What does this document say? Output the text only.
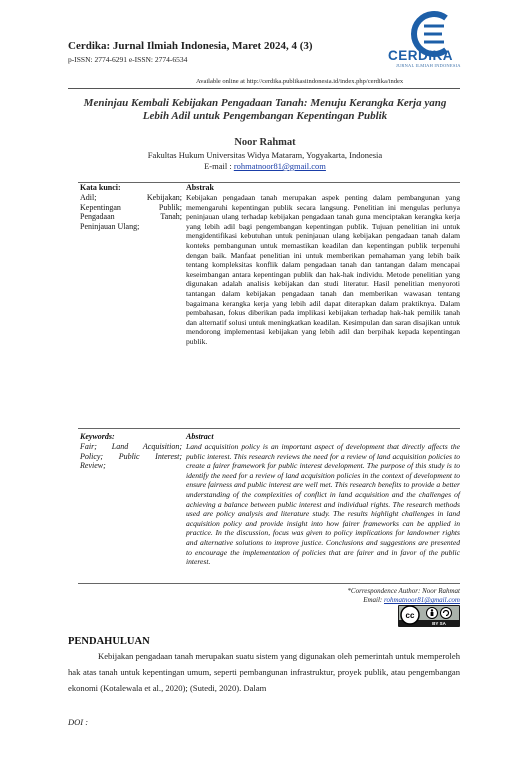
Cerdika: Jurnal Ilmiah Indonesia, Maret 2024, 4 (3)
p-ISSN: 2774-6291 e-ISSN: 2774-6534	CERDIKA
JURNAL ILMIAH INDONESIA
Available online at http://cerdika.publikasiindonesia.id/index.php/cerdika/index
Meninjau Kembali Kebijakan Pengadaan Tanah: Menuju Kerangka Kerja yang
Lebih Adil untuk Pengembangan Kepentingan Publik
Noor Rahmat
Fakultas Hukum Universitas Widya Mataram, Yogyakarta, Indonesia
E-mail : rohmatnoor81@gmail.com
Kata kunci:
Adil; Kebijakan;
Kepentingan Publik;
Pengadaan Tanah;
Peninjauan Ulang;
Abstrak
Kebijakan pengadaan tanah merupakan aspek penting dalam pembangunan yang memengaruhi kepentingan publik secara langsung. Penelitian ini mengulas perlunya peninjauan ulang terhadap kebijakan pengadaan tanah guna menciptakan kerangka kerja yang lebih adil bagi pengembangan kepentingan publik. Tujuan penelitian ini untuk mengidentifikasi kebutuhan untuk peninjauan ulang kebijakan pengadaan tanah dalam konteks pembangunan untuk memastikan keadilan dan kepentingan publik terpenuhi dengan baik. Manfaat penelitian ini untuk memberikan pemahaman yang lebih baik tentang kompleksitas konflik dalam pengadaan tanah dan tantangan dalam mencapai keseimbangan antara kepentingan publik dan hak-hak individu. Metode penelitian yang digunakan adalah analisis kebijakan dan studi literatur. Hasil penelitian menyoroti tantangan dalam kebijakan pengadaan tanah dan memberikan wawasan tentang bagaimana kerangka kerja yang lebih adil dapat diterapkan dalam praktiknya. Dalam pembahasan, fokus diberikan pada implikasi kebijakan terhadap hak-hak pemilik tanah dan alternatif solusi untuk meningkatkan keadilan. Kesimpulan dan saran disajikan untuk mendorong implementasi kebijakan yang lebih adil dan berpihak kepada kepentingan publik.
Keywords:
Fair; Land Acquisition;
Policy; Public Interest;
Review;
Abstract
Land acquisition policy is an important aspect of development that directly affects the public interest. This research reviews the need for a review of land acquisition policies to create a fairer framework for public interest development. The purpose of this study is to identify the need for a review of land acquisition policies in the context of development to ensure fairness and public interest are well met. This research benefits to provide a better understanding of the complexities of conflict in land acquisition and the challenges of achieving a balance between public interest and individual rights. The research methods used are policy analysis and literature study. The results highlight challenges in land acquisition policy and provide insight into how fairer frameworks can be applied in practice. In the discussion, focus was given to policy implications for landowner rights and alternative solutions to improve justice. Conclusions and suggestions are presented to encourage the implementation of policies that are fairer and in favor of the public interest.
*Correspondence Author: Noor Rahmat
Email: rohmatnoor81@gmail.com
cc
BY SA
PENDAHULUAN
Kebijakan pengadaan tanah merupakan suatu sistem yang digunakan oleh pemerintah untuk memperoleh hak atas tanah untuk kepentingan umum, seperti pembangunan infrastruktur, proyek publik, atau pengembangan ekonomi (Kotalewala et al., 2020); (Sutedi, 2020). Dalam
DOI :
